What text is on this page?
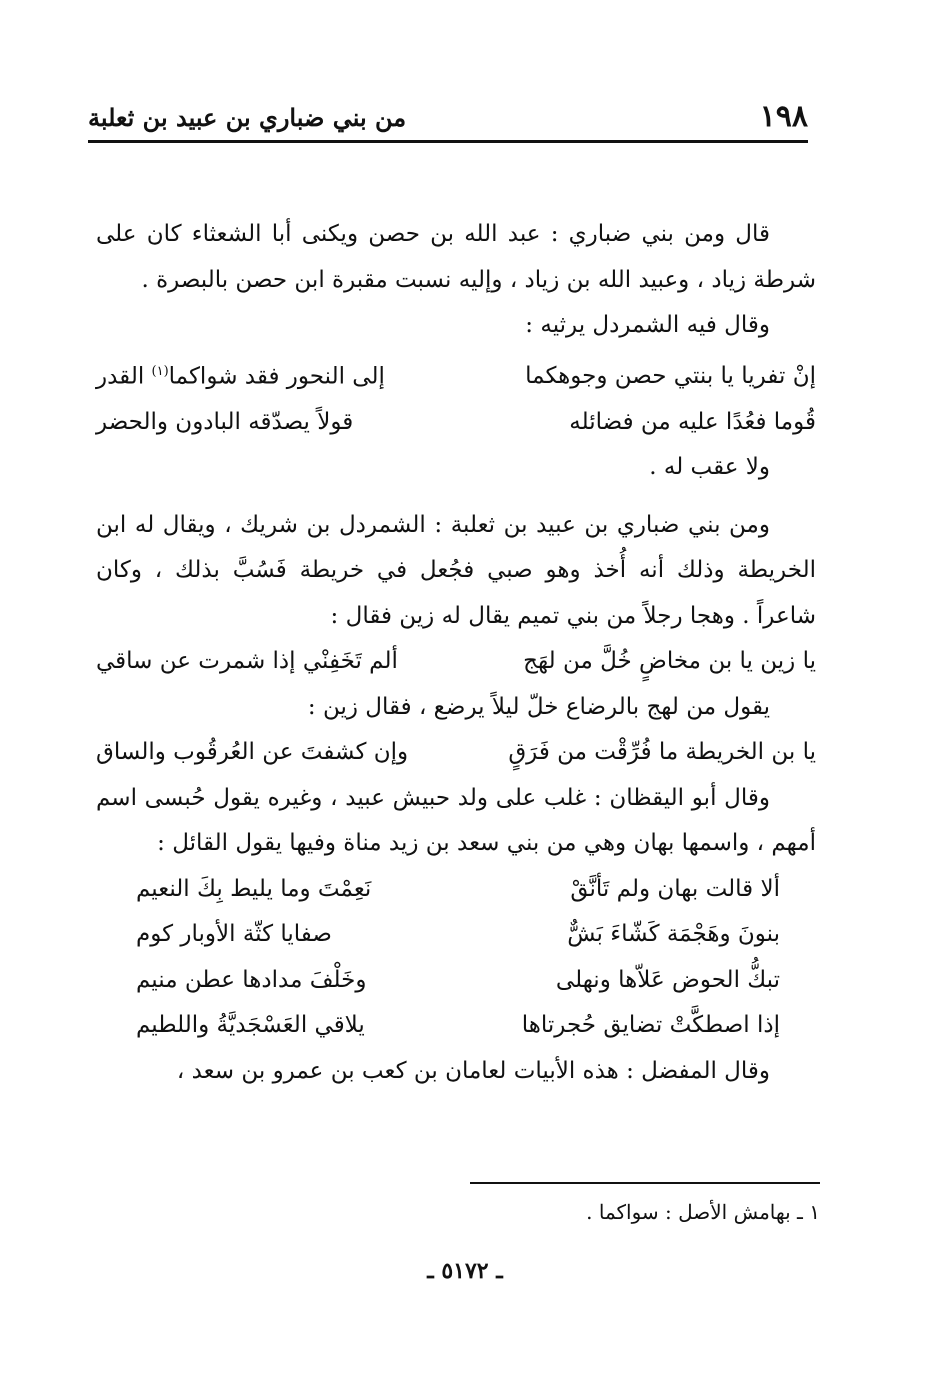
١٩٨
من بني ضباري بن عبيد بن ثعلبة

قال ومن بني ضباري : عبد الله بن حصن ويكنى أبا الشعثاء كان على شرطة زياد ، وعبيد الله بن زياد ، وإليه نسبت مقبرة ابن حصن بالبصرة .

وقال فيه الشمردل يرثيه :

إنْ تفريا يا بنتي حصن وجوهكما
إلى النحور فقد شواكما$^{(١)}$ القدر
قُوما فعُدًا عليه من فضائله
قولاً يصدّقه البادون والحضر

ولا عقب له .

ومن بني ضباري بن عبيد بن ثعلبة : الشمردل بن شريك ، ويقال له ابن الخريطة وذلك أنه أُخذ وهو صبي فجُعل في خريطة فَسُبَّ بذلك ، وكان شاعراً . وهجا رجلاً من بني تميم يقال له زين فقال :

يا زين يا بن مخاضٍ خُلَّ من لهَج
ألم تَخَفِنْي إذا شمرت عن ساقي

يقول من لهج بالرضاع خلّ ليلاً يرضع ، فقال زين :

يا بن الخريطة ما فُرِّقْت من فَرَقٍ
وإن كشفتَ عن العُرقُوب والساق

وقال أبو اليقظان : غلب على ولد حبيش عبيد ، وغيره يقول حُبسى اسم أمهم ، واسمها بهان وهي من بني سعد بن زيد مناة وفيها يقول القائل :

ألا قالت بهان ولم تَأنَّقْ
نَعِمْتَ وما يليط بِكَ النعيم
بنونَ وهَجْمَة كَشّاءَ بَشٌّ
صفايا كثّة الأوبار كوم
تبكُّ الحوض عَلاّها ونهلى
وخَلْفَ مدادها عطن منيم
إذا اصطكَّتْ تضايق حُجرتاها
يلاقي العَسْجَديَّةُ واللطيم

وقال المفضل : هذه الأبيات لعامان بن كعب بن عمرو بن سعد ،

١ ـ بهامش الأصل : سواكما .
ـ ٥١٧٢ ـ
